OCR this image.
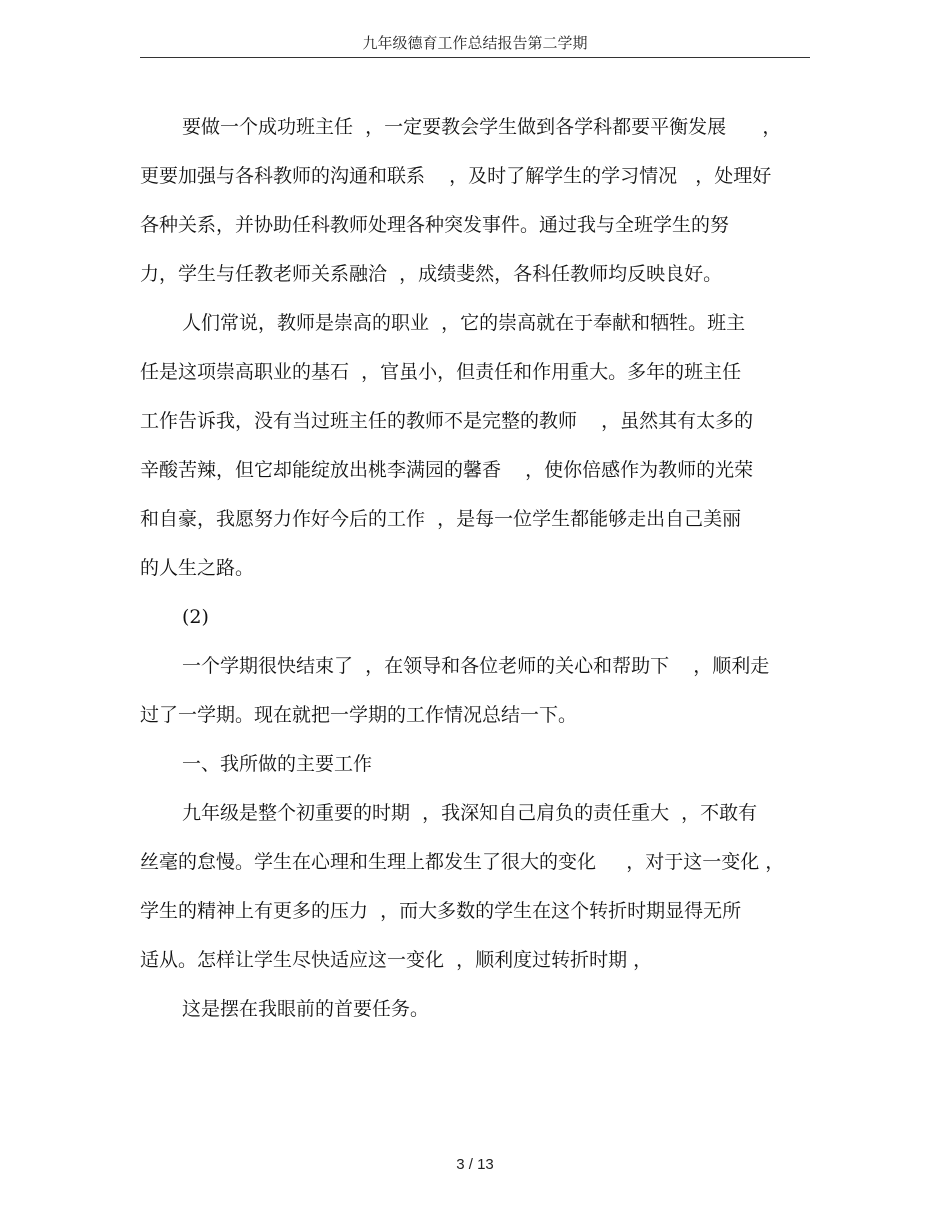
九年级德育工作总结报告第二学期
要做一个成功班主任  ，一定要教会学生做到各学科都要平衡发展      ，
更要加强与各科教师的沟通和联系    ，及时了解学生的学习情况   ，处理好
各种关系，并协助任科教师处理各种突发事件。通过我与全班学生的努
力，学生与任教老师关系融洽  ，成绩斐然，各科任教师均反映良好。
人们常说，教师是崇高的职业  ，它的崇高就在于奉献和牺牲。班主
任是这项崇高职业的基石  ，官虽小，但责任和作用重大。多年的班主任
工作告诉我，没有当过班主任的教师不是完整的教师    ，虽然其有太多的
辛酸苦辣，但它却能绽放出桃李满园的馨香    ，使你倍感作为教师的光荣
和自豪，我愿努力作好今后的工作  ，是每一位学生都能够走出自己美丽
的人生之路。
(2)
一个学期很快结束了  ，在领导和各位老师的关心和帮助下    ，顺利走
过了一学期。现在就把一学期的工作情况总结一下。
一、我所做的主要工作
九年级是整个初重要的时期  ，我深知自己肩负的责任重大  ，不敢有
丝毫的怠慢。学生在心理和生理上都发生了很大的变化     ，对于这一变化 ，
学生的精神上有更多的压力  ，而大多数的学生在这个转折时期显得无所
适从。怎样让学生尽快适应这一变化  ，顺利度过转折时期 ，
这是摆在我眼前的首要任务。
3 / 13
